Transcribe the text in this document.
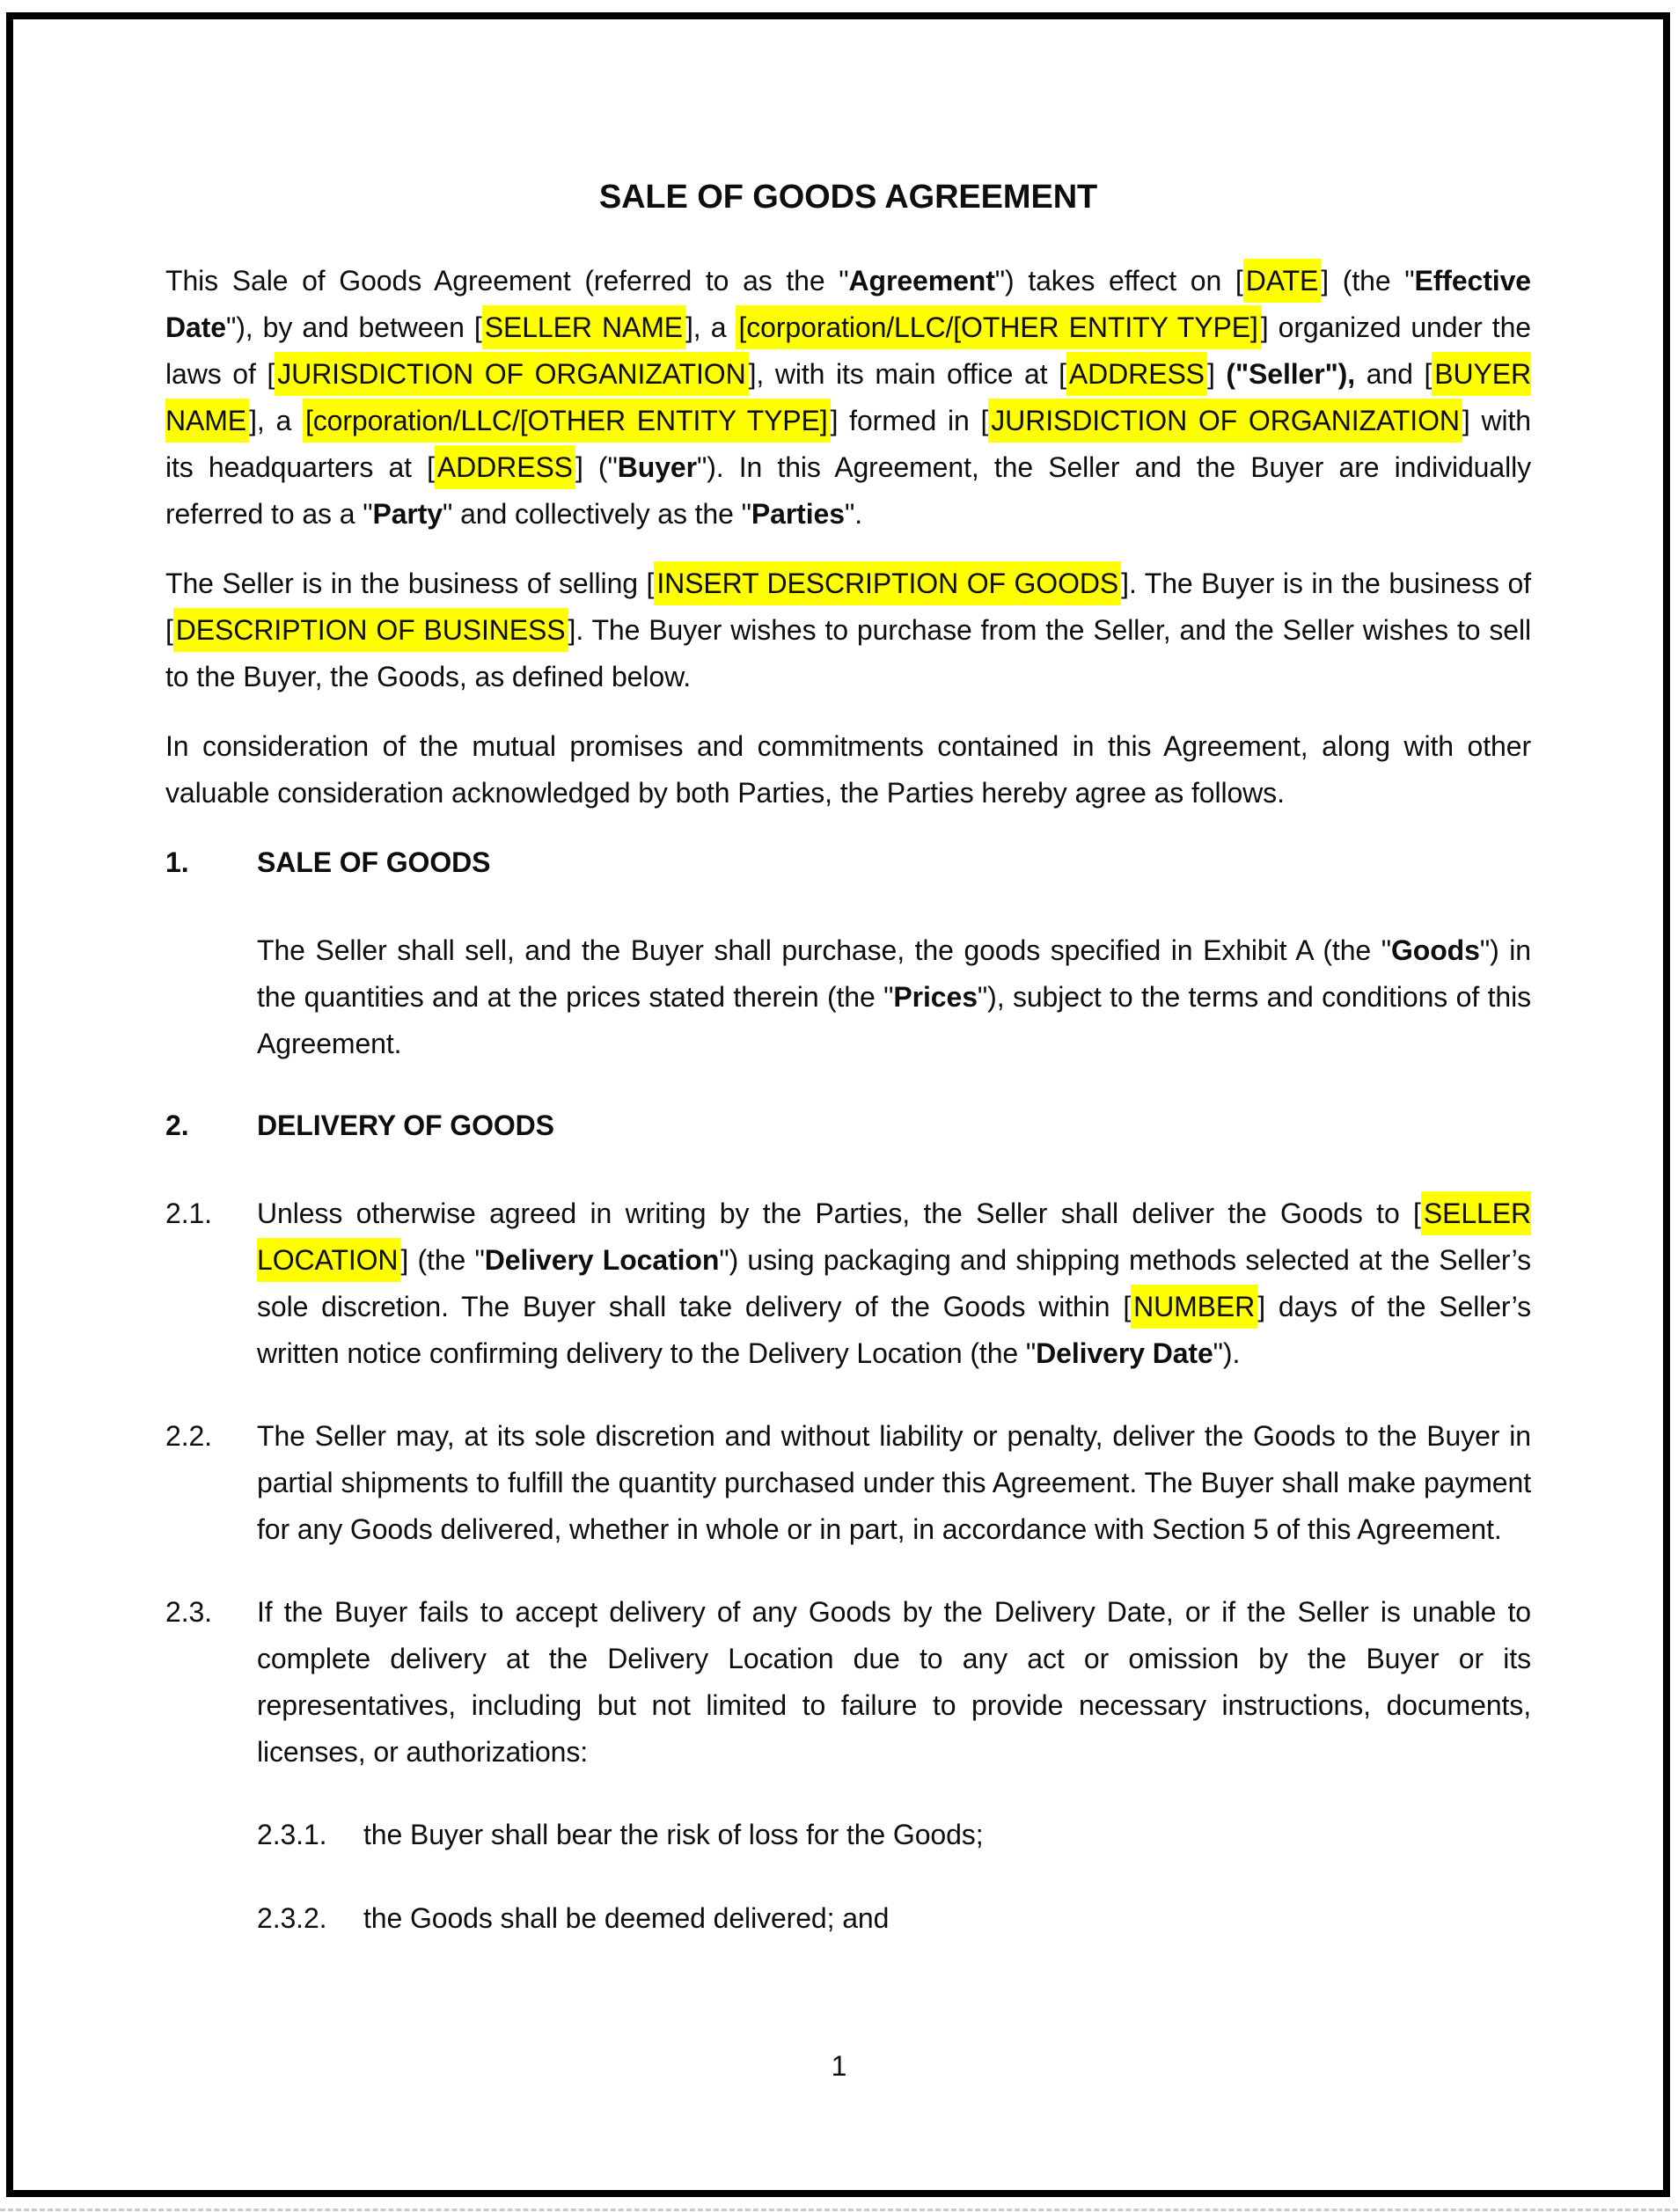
SALE OF GOODS AGREEMENT
This Sale of Goods Agreement (referred to as the "Agreement") takes effect on [DATE] (the "Effective Date"), by and between [SELLER NAME], a [corporation/LLC/[OTHER ENTITY TYPE]] organized under the laws of [JURISDICTION OF ORGANIZATION], with its main office at [ADDRESS] ("Seller"), and [BUYER NAME], a [corporation/LLC/[OTHER ENTITY TYPE]] formed in [JURISDICTION OF ORGANIZATION] with its headquarters at [ADDRESS] ("Buyer"). In this Agreement, the Seller and the Buyer are individually referred to as a "Party" and collectively as the "Parties".
The Seller is in the business of selling [INSERT DESCRIPTION OF GOODS]. The Buyer is in the business of [DESCRIPTION OF BUSINESS]. The Buyer wishes to purchase from the Seller, and the Seller wishes to sell to the Buyer, the Goods, as defined below.
In consideration of the mutual promises and commitments contained in this Agreement, along with other valuable consideration acknowledged by both Parties, the Parties hereby agree as follows.
1.	SALE OF GOODS
The Seller shall sell, and the Buyer shall purchase, the goods specified in Exhibit A (the "Goods") in the quantities and at the prices stated therein (the "Prices"), subject to the terms and conditions of this Agreement.
2.	DELIVERY OF GOODS
2.1.	Unless otherwise agreed in writing by the Parties, the Seller shall deliver the Goods to [SELLER LOCATION] (the "Delivery Location") using packaging and shipping methods selected at the Seller’s sole discretion. The Buyer shall take delivery of the Goods within [NUMBER] days of the Seller’s written notice confirming delivery to the Delivery Location (the "Delivery Date").
2.2.	The Seller may, at its sole discretion and without liability or penalty, deliver the Goods to the Buyer in partial shipments to fulfill the quantity purchased under this Agreement. The Buyer shall make payment for any Goods delivered, whether in whole or in part, in accordance with Section 5 of this Agreement.
2.3.	If the Buyer fails to accept delivery of any Goods by the Delivery Date, or if the Seller is unable to complete delivery at the Delivery Location due to any act or omission by the Buyer or its representatives, including but not limited to failure to provide necessary instructions, documents, licenses, or authorizations:
2.3.1.	the Buyer shall bear the risk of loss for the Goods;
2.3.2.	the Goods shall be deemed delivered; and
1
